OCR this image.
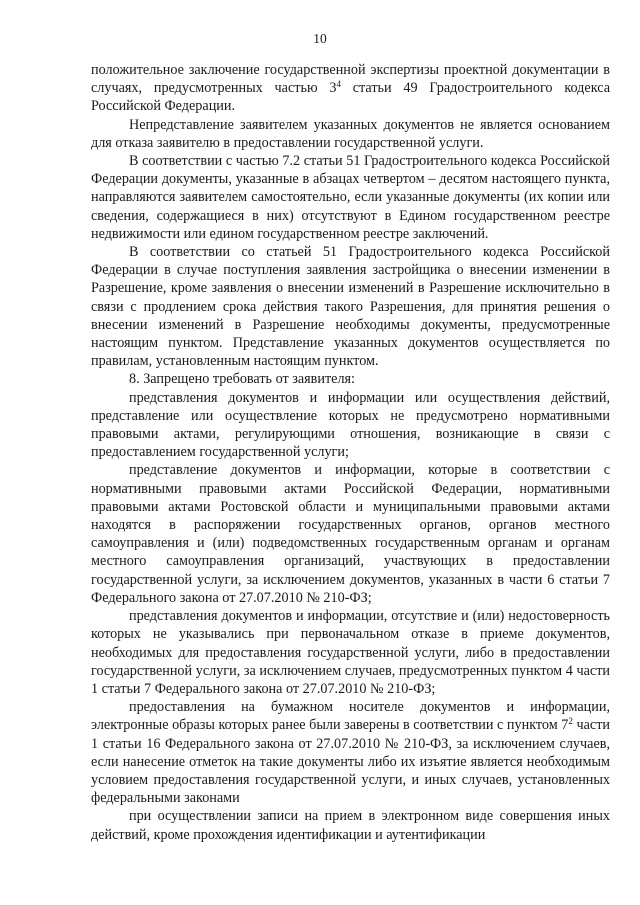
10

положительное заключение государственной экспертизы проектной документации в случаях, предусмотренных частью $3^4$ статьи 49 Градостроительного кодекса Российской Федерации.

Непредставление заявителем указанных документов не является основанием для отказа заявителю в предоставлении государственной услуги.

В соответствии с частью 7.2 статьи 51 Градостроительного кодекса Российской Федерации документы, указанные в абзацах четвертом – десятом настоящего пункта, направляются заявителем самостоятельно, если указанные документы (их копии или сведения, содержащиеся в них) отсутствуют в Едином государственном реестре недвижимости или едином государственном реестре заключений.

В соответствии со статьей 51 Градостроительного кодекса Российской Федерации в случае поступления заявления застройщика о внесении изменении в Разрешение, кроме заявления о внесении изменений в Разрешение исключительно в связи с продлением срока действия такого Разрешения, для принятия решения о внесении изменений в Разрешение необходимы документы, предусмотренные настоящим пунктом. Представление указанных документов осуществляется по правилам, установленным настоящим пунктом.

8. Запрещено требовать от заявителя:

представления документов и информации или осуществления действий, представление или осуществление которых не предусмотрено нормативными правовыми актами, регулирующими отношения, возникающие в связи с предоставлением государственной услуги;

представление документов и информации, которые в соответствии с нормативными правовыми актами Российской Федерации, нормативными правовыми актами Ростовской области и муниципальными правовыми актами находятся в распоряжении государственных органов, органов местного самоуправления и (или) подведомственных государственным органам и органам местного самоуправления организаций, участвующих в предоставлении государственной услуги, за исключением документов, указанных в части 6 статьи 7 Федерального закона от 27.07.2010 № 210-ФЗ;

представления документов и информации, отсутствие и (или) недостоверность которых не указывались при первоначальном отказе в приеме документов, необходимых для предоставления государственной услуги, либо в предоставлении государственной услуги, за исключением случаев, предусмотренных пунктом 4 части 1 статьи 7 Федерального закона от 27.07.2010 № 210-ФЗ;

предоставления на бумажном носителе документов и информации, электронные образы которых ранее были заверены в соответствии с пунктом $7^2$ части 1 статьи 16 Федерального закона от 27.07.2010 № 210-ФЗ, за исключением случаев, если нанесение отметок на такие документы либо их изъятие является необходимым условием предоставления государственной услуги, и иных случаев, установленных федеральными законами

при осуществлении записи на прием в электронном виде совершения иных действий, кроме прохождения идентификации и аутентификации
